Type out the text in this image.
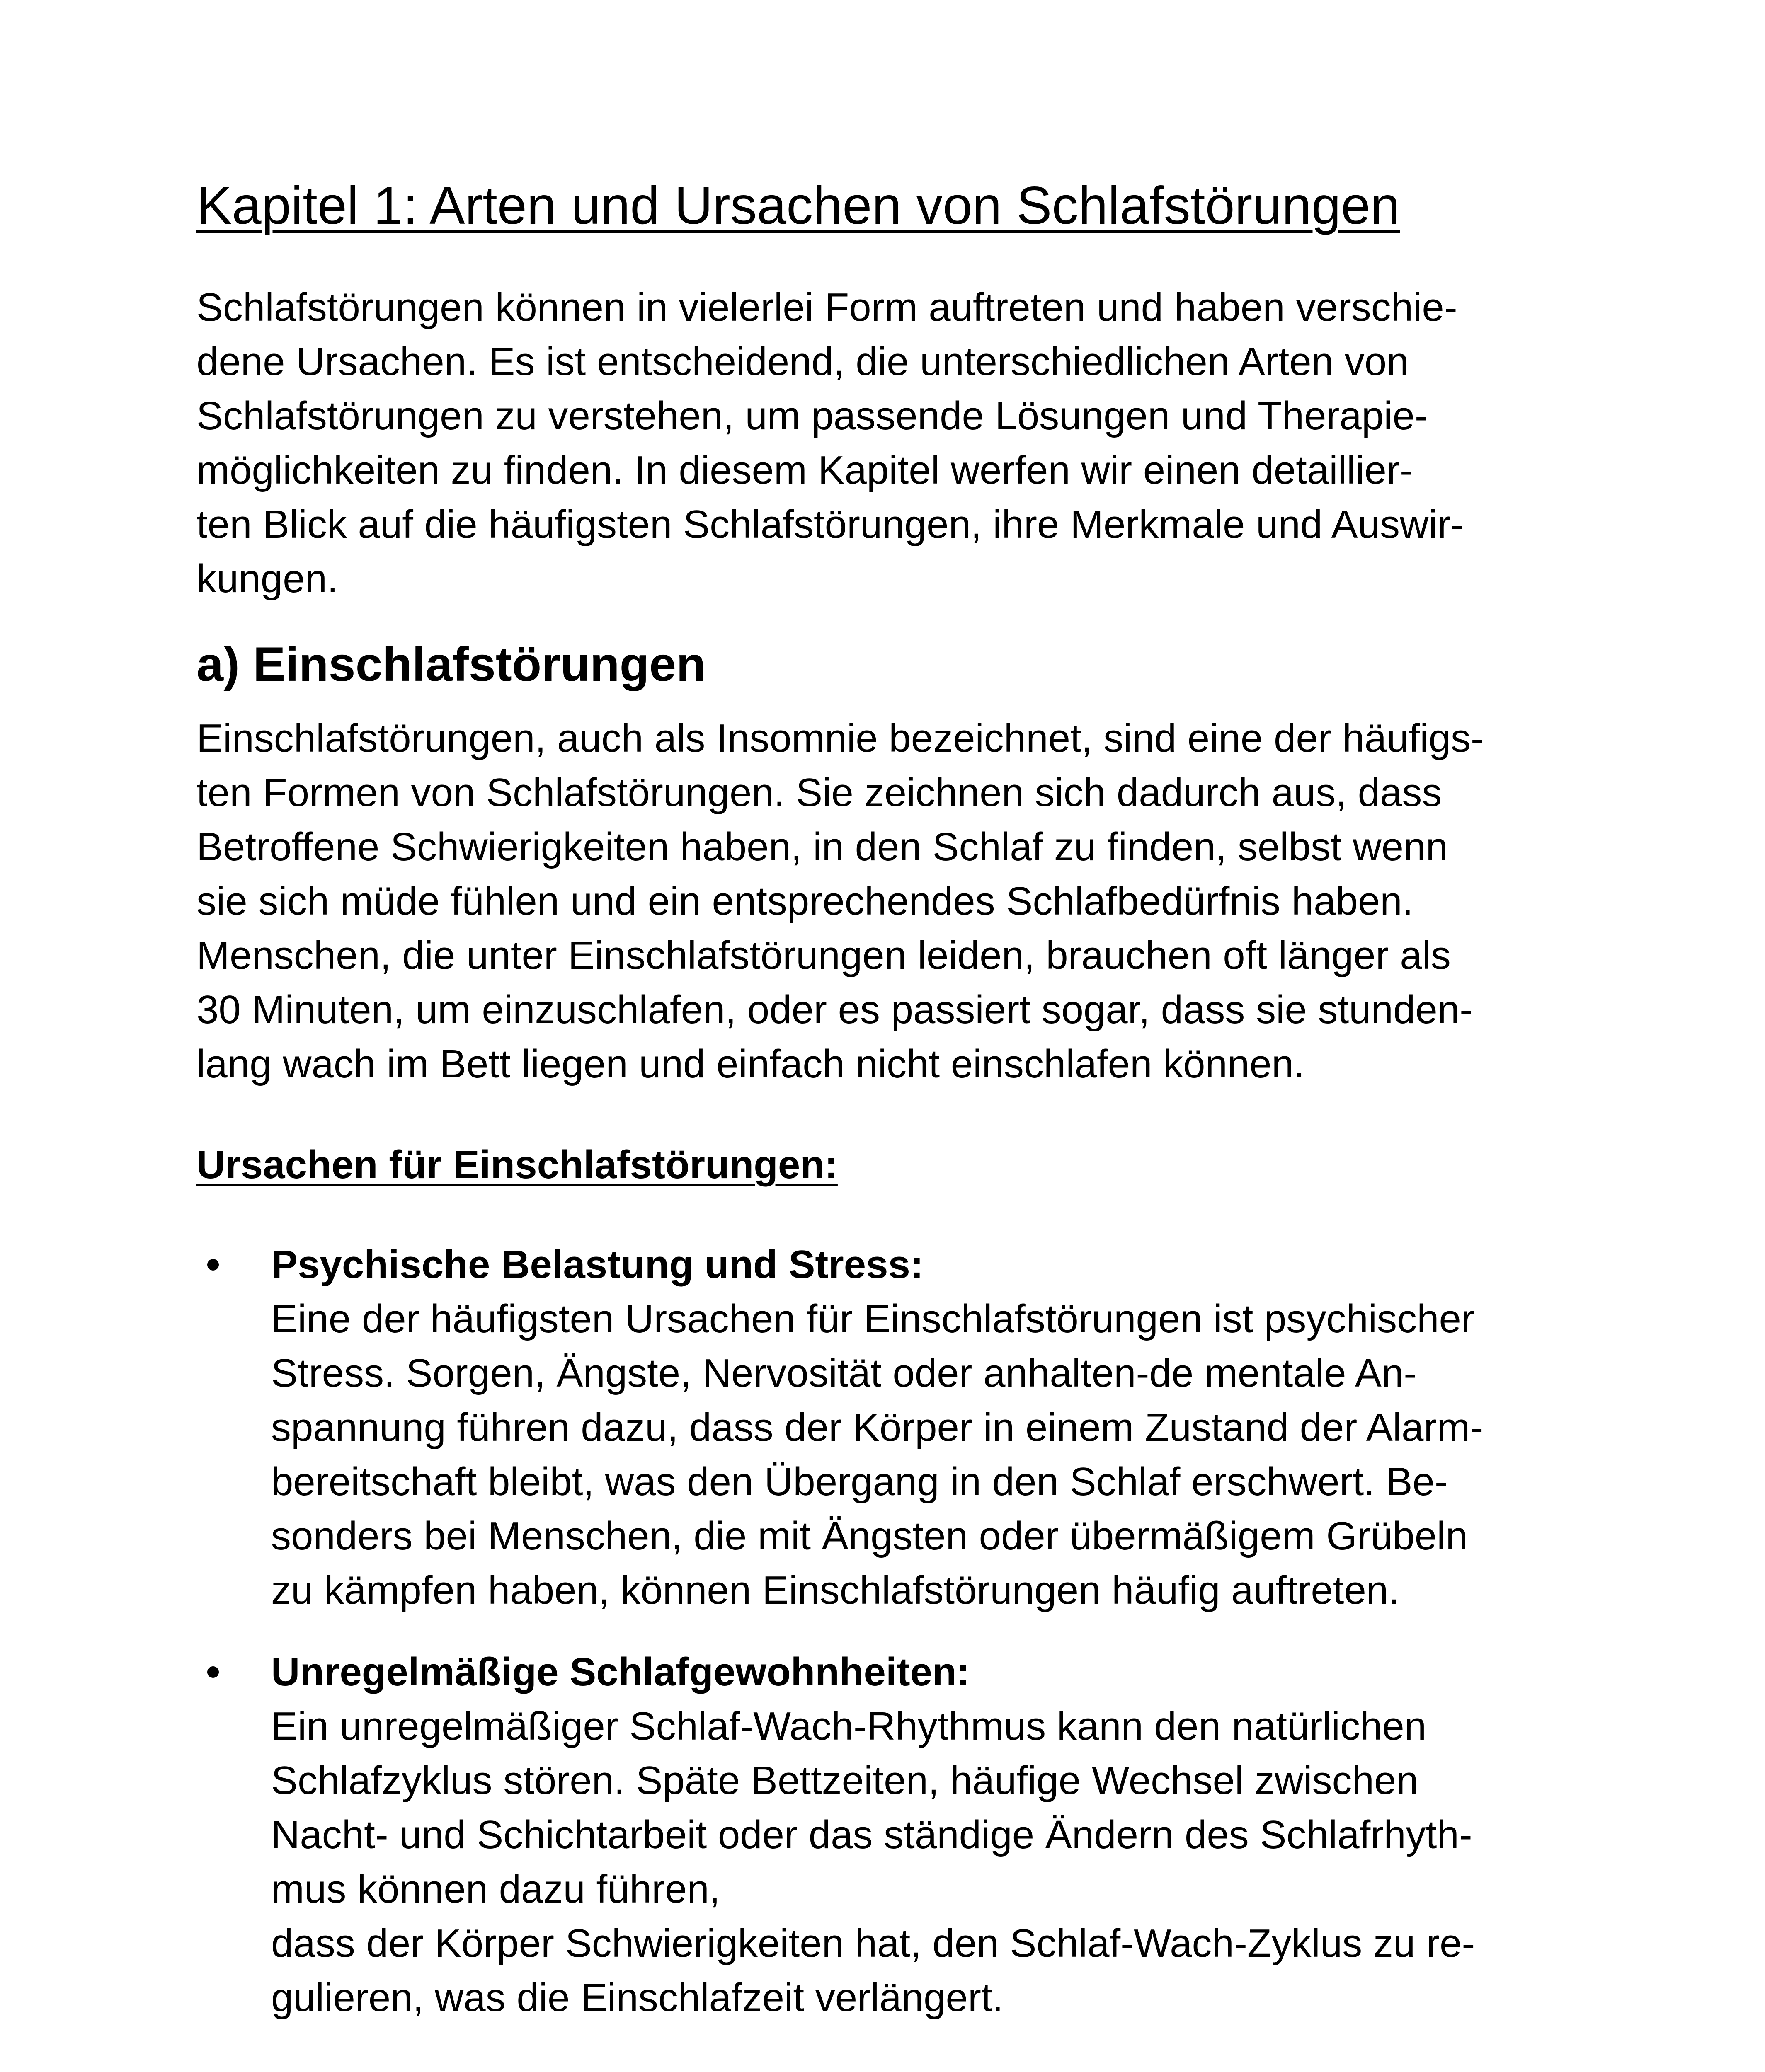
Kapitel 1: Arten und Ursachen von Schlafstörungen

Schlafstörungen können in vielerlei Form auftreten und haben verschie-
dene Ursachen. Es ist entscheidend, die unterschiedlichen Arten von
Schlafstörungen zu verstehen, um passende Lösungen und Therapie-
möglichkeiten zu finden. In diesem Kapitel werfen wir einen detaillier-
ten Blick auf die häufigsten Schlafstörungen, ihre Merkmale und Auswir-
kungen.

a) Einschlafstörungen

Einschlafstörungen, auch als Insomnie bezeichnet, sind eine der häufigs-
ten Formen von Schlafstörungen. Sie zeichnen sich dadurch aus, dass
Betroffene Schwierigkeiten haben, in den Schlaf zu finden, selbst wenn
sie sich müde fühlen und ein entsprechendes Schlafbedürfnis haben.
Menschen, die unter Einschlafstörungen leiden, brauchen oft länger als
30 Minuten, um einzuschlafen, oder es passiert sogar, dass sie stunden-
lang wach im Bett liegen und einfach nicht einschlafen können.

Ursachen für Einschlafstörungen:
Psychische Belastung und Stress:

Eine der häufigsten Ursachen für Einschlafstörungen ist psychischer
Stress. Sorgen, Ängste, Nervosität oder anhalten-de mentale An-
spannung führen dazu, dass der Körper in einem Zustand der Alarm-
bereitschaft bleibt, was den Übergang in den Schlaf erschwert. Be-
sonders bei Menschen, die mit Ängsten oder übermäßigem Grübeln
zu kämpfen haben, können Einschlafstörungen häufig auftreten.

Unregelmäßige Schlafgewohnheiten:

Ein unregelmäßiger Schlaf-Wach-Rhythmus kann den natürlichen
Schlafzyklus stören. Späte Bettzeiten, häufige Wechsel zwischen
Nacht- und Schichtarbeit oder das ständige Ändern des Schlafrhyth-
mus können dazu führen,
dass der Körper Schwierigkeiten hat, den Schlaf-Wach-Zyklus zu re-
gulieren, was die Einschlafzeit verlängert.
